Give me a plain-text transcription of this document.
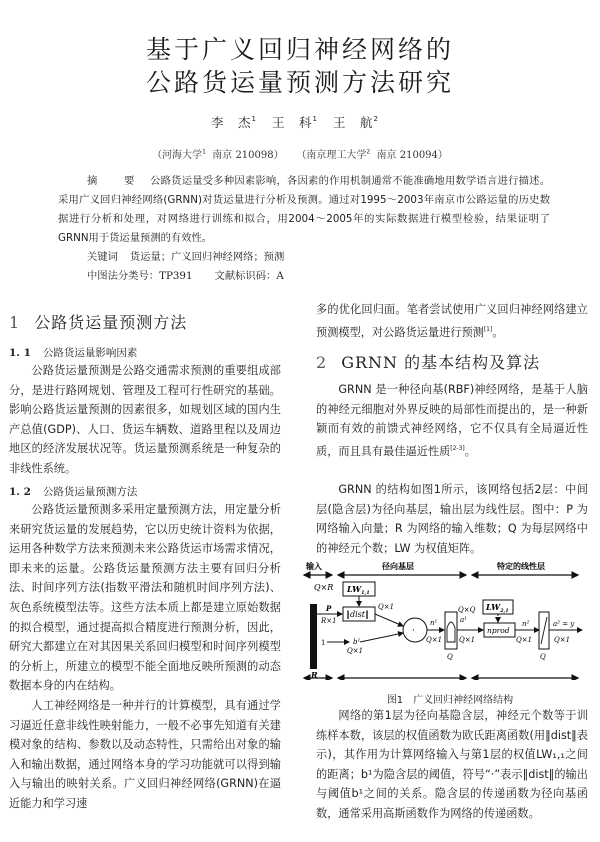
基于广义回归神经网络的
公路货运量预测方法研究
李　杰$^1$ 王　科$^1$ 王　航$^2$
（河海大学$^1$ 南京 210098） （南京理工大学$^2$ 南京 210094）
摘　要 公路货运量受多种因素影响，各因素的作用机制通常不能准确地用数学语言进行描述。采用广义回归神经网络(GRNN)对货运量进行分析及预测。通过对1995～2003年南京市公路运量的历史数据进行分析和处理，对网络进行训练和拟合，用2004～2005年的实际数据进行模型检验，结果证明了GRNN用于货运量预测的有效性。
关键词 货运量；广义回归神经网络；预测
中图法分类号：TP391 文献标识码：A
1 公路货运量预测方法
1. 1 公路货运量影响因素

公路货运量预测是公路交通需求预测的重要组成部分，是进行路网规划、管理及工程可行性研究的基础。影响公路货运量预测的因素很多，如规划区域的国内生产总值(GDP)、人口、货运车辆数、道路里程以及周边地区的经济发展状况等。货运量预测系统是一种复杂的非线性系统。

1. 2 公路货运量预测方法

公路货运量预测多采用定量预测方法，用定量分析来研究货运量的发展趋势，它以历史统计资料为依据，运用各种数学方法来预测未来公路货运市场需求情况，即未来的运量。公路货运量预测方法主要有回归分析法、时间序列方法(指数平滑法和随机时间序列方法)、灰色系统模型法等。这些方法本质上都是建立原始数据的拟合模型，通过提高拟合精度进行预测分析，因此，研究大都建立在对其因果关系回归模型和时间序列模型的分析上，所建立的模型不能全面地反映所预测的动态数据本身的内在结构。

人工神经网络是一种并行的计算模型，具有通过学习逼近任意非线性映射能力，一般不必事先知道有关建模对象的结构、参数以及动态特性，只需给出对象的输入和输出数据，通过网络本身的学习功能就可以得到输入与输出的映射关系。广义回归神经网络(GRNN)在逼近能力和学习速

多的优化回归面。笔者尝试使用广义回归神经网络建立预测模型，对公路货运量进行预测[1]。

2 GRNN 的基本结构及算法

GRNN 是一种径向基(RBF)神经网络，是基于人脑的神经元细胞对外界反映的局部性而提出的，是一种新颖而有效的前馈式神经网络，它不仅具有全局逼近性质，而且具有最佳逼近性质[2-3]。

GRNN 的结构如图1所示，该网络包括2层：中间层(隐含层)为径向基层，输出层为线性层。图中：P 为网络输入向量；R 为网络的输入维数；Q 为每层网络中的神经元个数；LW 为权值矩阵。

输入	径向基层	特定的线性层
R
Q×R $LW_{1,1}$
‖dist‖
P
R×1
Q×1
1	b¹
Q×1
·
n¹
Q×1
Q
a¹
Q×1
Q×Q $LW_{2,1}$
nprod
n²
Q×1
Q
a² = y
Q×1
图1 广义回归神经网络结构

网络的第1层为径向基隐含层，神经元个数等于训练样本数，该层的权值函数为欧氏距离函数(用‖dist‖表示)，其作用为计算网络输入与第1层的权值LW₁,₁之间的距离；b¹为隐含层的阈值，符号“·”表示‖dist‖的输出与阈值b¹之间的关系。隐含层的传递函数为径向基函数，通常采用高斯函数作为网络的传递函数。
